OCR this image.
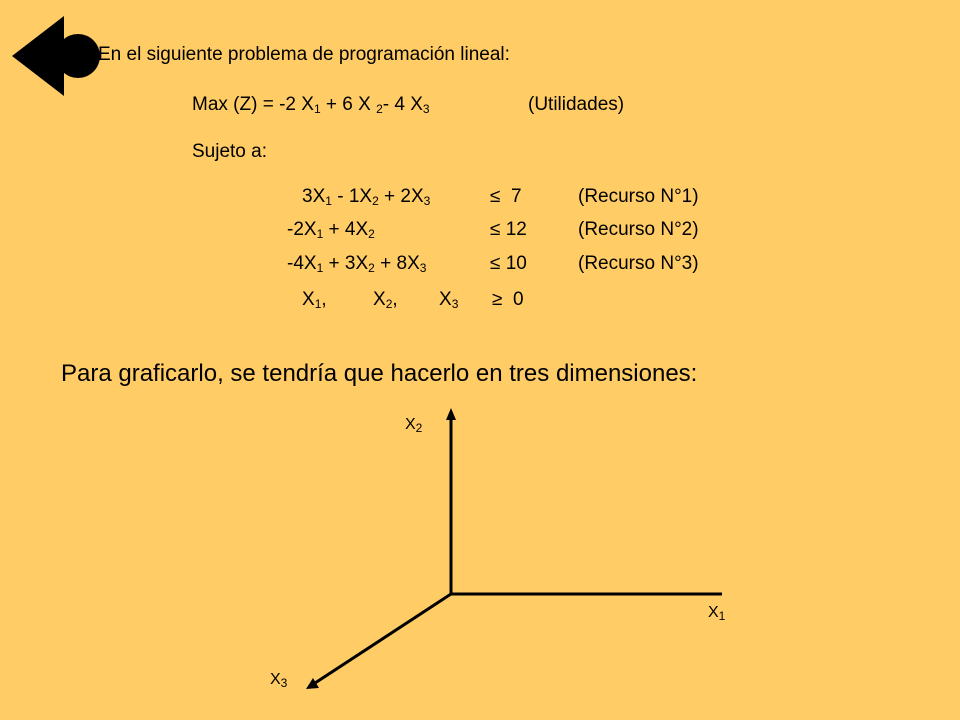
En el siguiente problema de programación lineal:
Max (Z) = -2 $X_1 + 6$ X $_2$- 4 $X_3$	(Utilidades)
Sujeto a:
$3X_1 - 1X_2 + 2X_3$	≤  7	(Recurso N°1)
$-2X_1 + 4X_2$	≤ 12	(Recurso N°2)
$-4X_1 + 3X_2 + 8X_3$	≤ 10	(Recurso N°3)
$X_1$, $X_2$, $X_3 \ge 0$
Para graficarlo, se tendría que hacerlo en tres dimensiones:
$X_2$
$X_1$
$X_3$
